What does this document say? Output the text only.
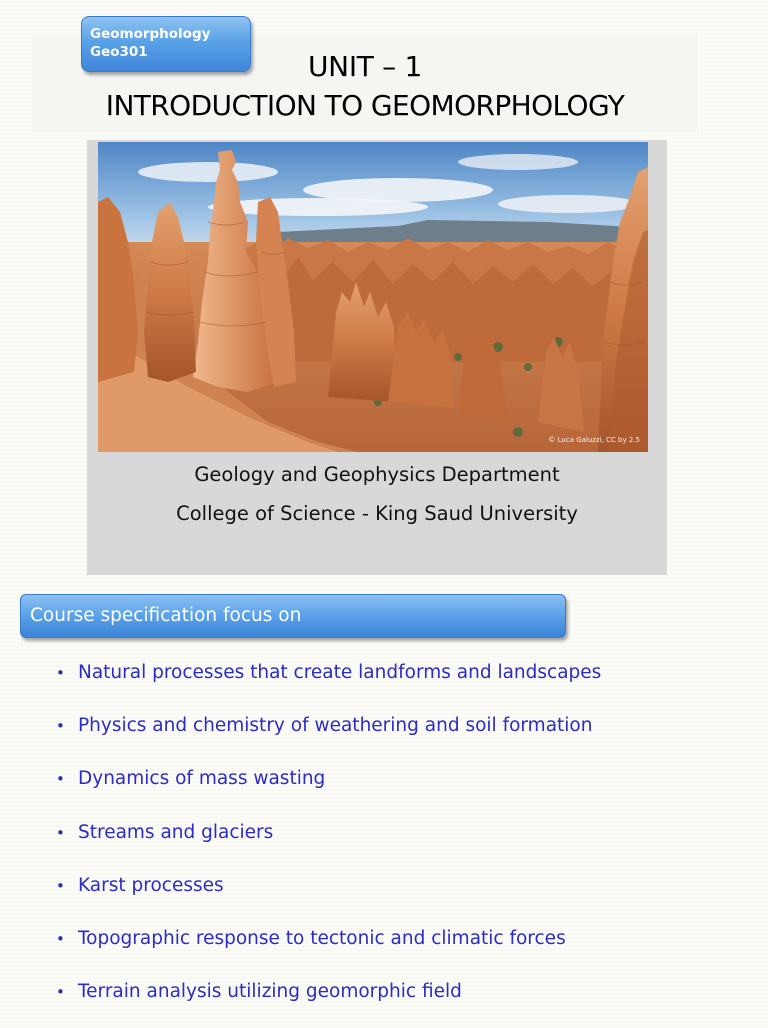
Geomorphology
Geo301	UNIT – 1
INTRODUCTION TO GEOMORPHOLOGY
© Luca Galuzzi, CC by 2.5
Geology and Geophysics Department
College of Science - King Saud University
Course specification focus on
• Natural processes that create landforms and landscapes
• Physics and chemistry of weathering and soil formation
• Dynamics of mass wasting
• Streams and glaciers
• Karst processes
• Topographic response to tectonic and climatic forces
• Terrain analysis utilizing geomorphic field
